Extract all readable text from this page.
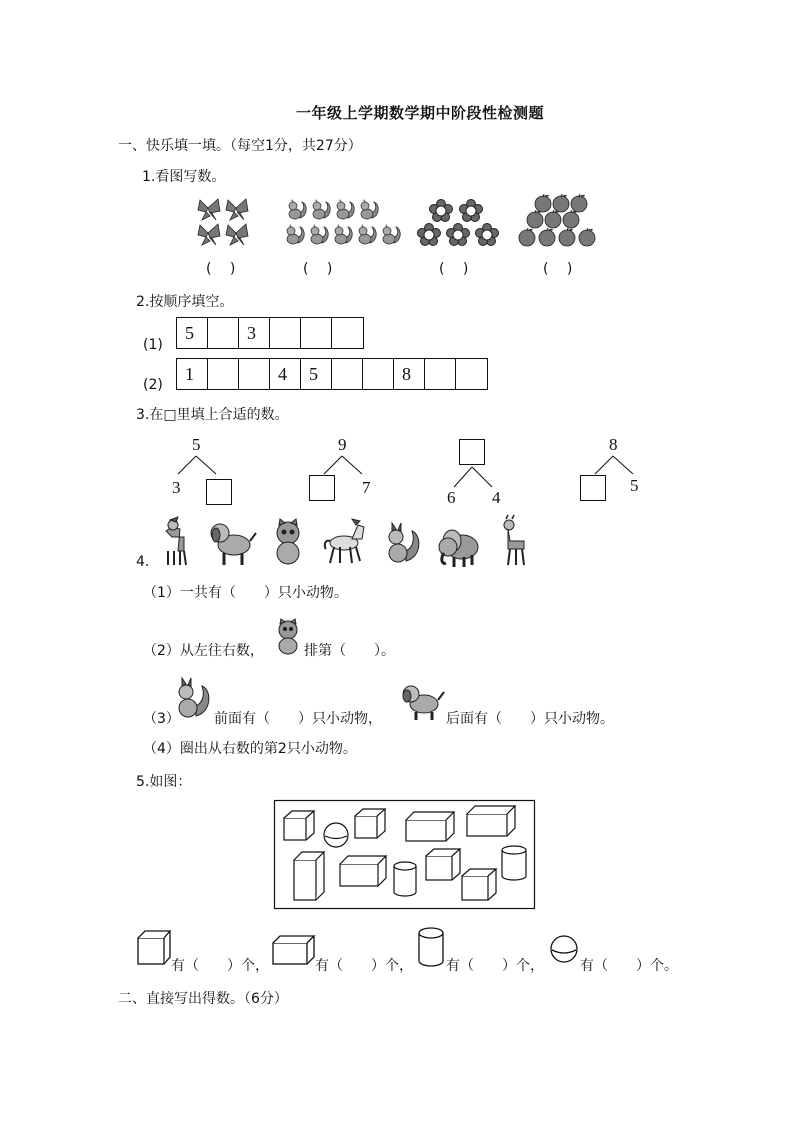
一年级上学期数学期中阶段性检测题
一、快乐填一填。（每空1分，共27分）
1.看图写数。
(　 )	(　 )	(　 )	(　 )
2.按顺序填空。
(1)
5	3
(2)
1	4	5	8
3.在□里填上合适的数。
5
3
9
7
6 4
8
5
4.
（1）一共有（　　）只小动物。
（2）从左往右数，	排第（　　）。
（3） 前面有（　　）只小动物，	后面有（　　）只小动物。
（4）圈出从右数的第2只小动物。
5.如图：
有（　　）个，	有（　　）个， 有（　　）个，	有（　　）个。
二、直接写出得数。（6分）
